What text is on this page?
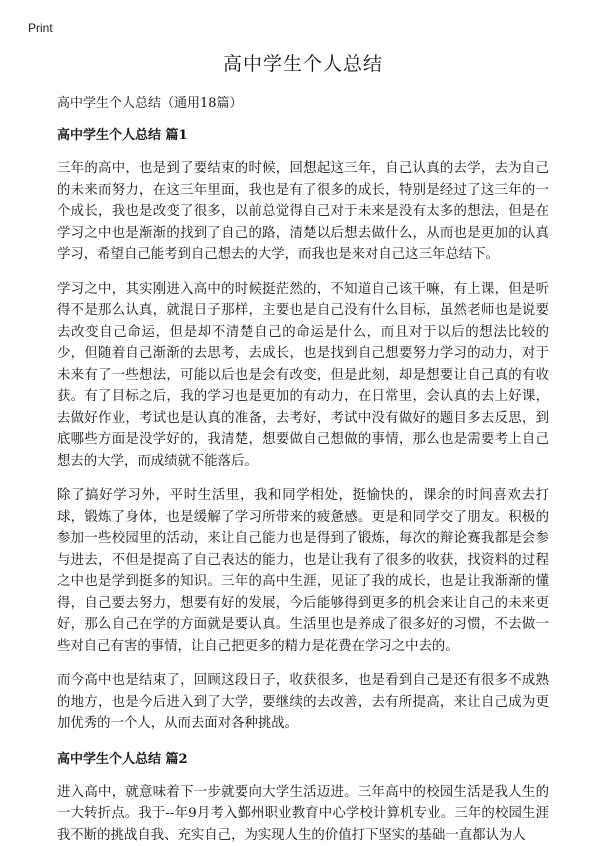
Print
高中学生个人总结
高中学生个人总结（通用18篇）
高中学生个人总结 篇1

三年的高中，也是到了要结束的时候，回想起这三年，自己认真的去学，去为自己的未来而努力，在这三年里面，我也是有了很多的成长，特别是经过了这三年的一个成长，我也是改变了很多，以前总觉得自己对于未来是没有太多的想法，但是在学习之中也是渐渐的找到了自己的路，清楚以后想去做什么，从而也是更加的认真学习，希望自己能考到自己想去的大学，而我也是来对自己这三年总结下。

学习之中，其实刚进入高中的时候挺茫然的，不知道自己该干嘛，有上课，但是听得不是那么认真，就混日子那样，主要也是自己没有什么目标，虽然老师也是说要去改变自己命运，但是却不清楚自己的命运是什么，而且对于以后的想法比较的少，但随着自己渐渐的去思考，去成长，也是找到自己想要努力学习的动力，对于未来有了一些想法，可能以后也是会有改变，但是此刻，却是想要让自己真的有收获。有了目标之后，我的学习也是更加的有动力，在日常里，会认真的去上好课，去做好作业，考试也是认真的准备，去考好，考试中没有做好的题目多去反思，到底哪些方面是没学好的，我清楚，想要做自己想做的事情，那么也是需要考上自己想去的大学，而成绩就不能落后。

除了搞好学习外，平时生活里，我和同学相处，挺愉快的，课余的时间喜欢去打球，锻炼了身体，也是缓解了学习所带来的疲惫感。更是和同学交了朋友。积极的参加一些校园里的活动，来让自己能力也是得到了锻炼，每次的辩论赛我都是会参与进去，不但是提高了自己表达的能力，也是让我有了很多的收获，找资料的过程之中也是学到挺多的知识。三年的高中生涯，见证了我的成长，也是让我渐渐的懂得，自己要去努力，想要有好的发展，今后能够得到更多的机会来让自己的未来更好，那么自己在学的方面就是要认真。生活里也是养成了很多好的习惯，不去做一些对自己有害的事情，让自己把更多的精力是花费在学习之中去的。

而今高中也是结束了，回顾这段日子，收获很多，也是看到自己是还有很多不成熟的地方，也是今后进入到了大学，要继续的去改善，去有所提高，来让自己成为更加优秀的一个人，从而去面对各种挑战。

高中学生个人总结 篇2

进入高中，就意味着下一步就要向大学生活迈进。三年高中的校园生活是我人生的一大转折点。我于--年9月考入鄞州职业教育中心学校计算机专业。三年的校园生涯我不断的挑战自我、充实自己，为实现人生的价值打下坚实的基础一直都认为人
